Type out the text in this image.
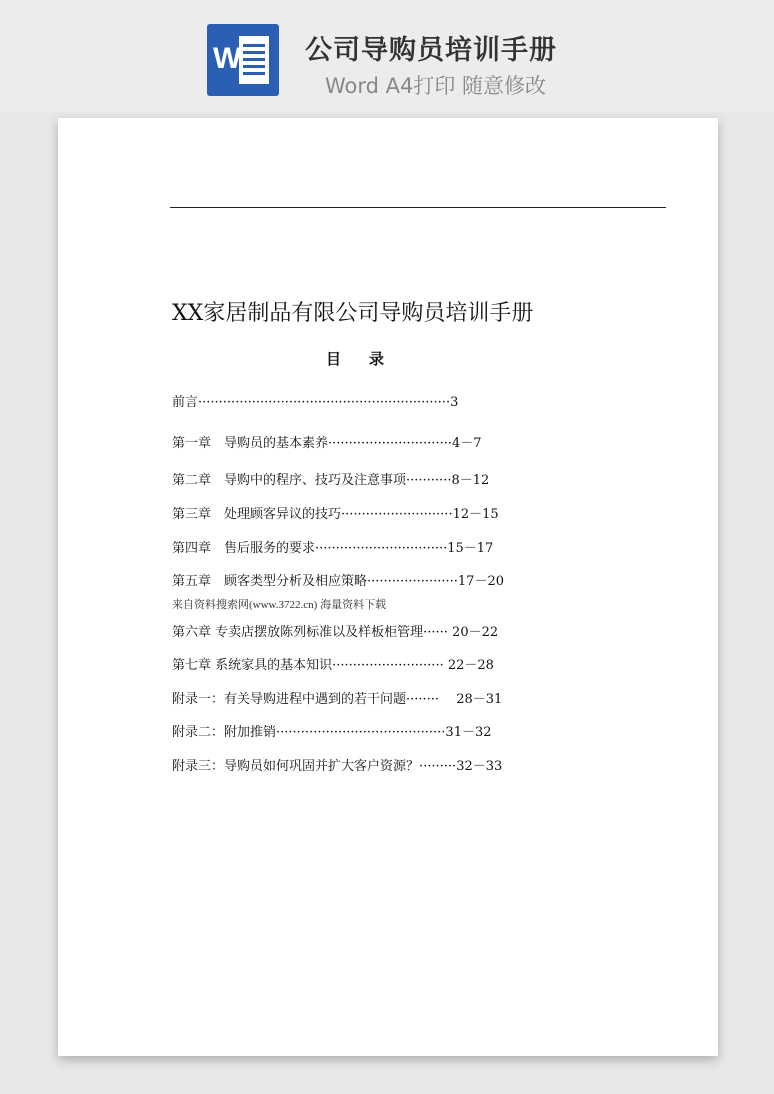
W 公司导购员培训手册
Word A4打印 随意修改
XX家居制品有限公司导购员培训手册
目录
前言·····························································3
第一章　导购员的基本素养······························4－7
第二章　导购中的程序、技巧及注意事项···········8－12
第三章　处理顾客异议的技巧···························12－15
第四章　售后服务的要求································15－17
第五章　顾客类型分析及相应策略······················17－20
来自资料搜索网(www.3722.cn) 海量资料下载
第六章 专卖店摆放陈列标准以及样板柜管理······ 20－22
第七章 系统家具的基本知识··························· 22－28
附录一：有关导购进程中遇到的若干问题········　 28－31
附录二：附加推销·········································31－32
附录三：导购员如何巩固并扩大客户资源？·········32－33
